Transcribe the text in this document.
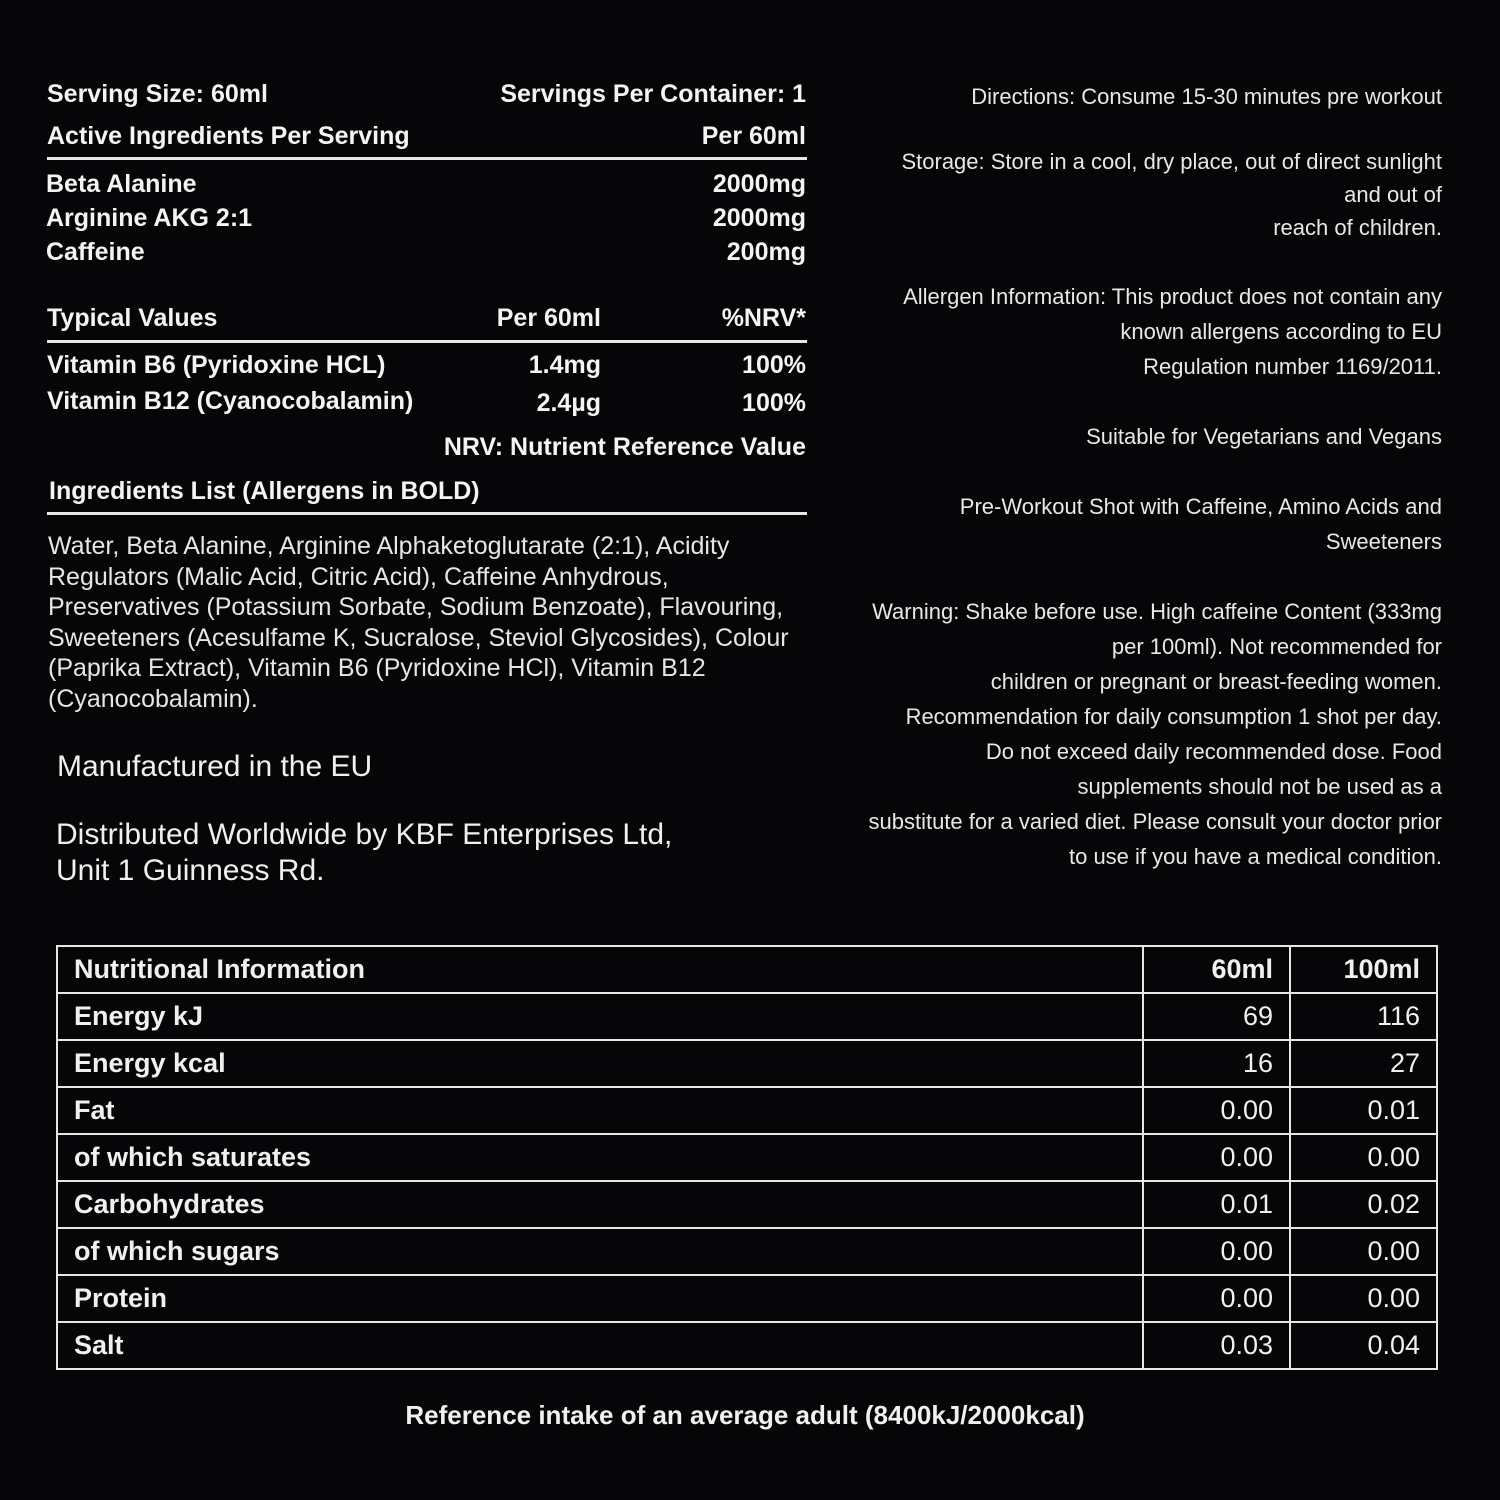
Serving Size: 60ml	Servings Per Container: 1
Active Ingredients Per Serving	Per 60ml
Beta Alanine	2000mg
Arginine AKG 2:1	2000mg
Caffeine	200mg
Typical Values	Per 60ml	%NRV*
Vitamin B6 (Pyridoxine HCL)	1.4mg	100%
Vitamin B12 (Cyanocobalamin)	2.4µg	100%
NRV: Nutrient Reference Value
Ingredients List (Allergens in BOLD)
Water, Beta Alanine, Arginine Alphaketoglutarate (2:1), Acidity
Regulators (Malic Acid, Citric Acid), Caffeine Anhydrous,
Preservatives (Potassium Sorbate, Sodium Benzoate), Flavouring,
Sweeteners (Acesulfame K, Sucralose, Steviol Glycosides), Colour
(Paprika Extract), Vitamin B6 (Pyridoxine HCl), Vitamin B12
(Cyanocobalamin).
Manufactured in the EU
Distributed Worldwide by KBF Enterprises Ltd,
Unit 1 Guinness Rd.
Directions: Consume 15-30 minutes pre workout
Storage: Store in a cool, dry place, out of direct sunlight
and out of
reach of children.
Allergen Information: This product does not contain any
known allergens according to EU
Regulation number 1169/2011.
Suitable for Vegetarians and Vegans
Pre-Workout Shot with Caffeine, Amino Acids and
Sweeteners
Warning: Shake before use. High caffeine Content (333mg
per 100ml). Not recommended for
children or pregnant or breast-feeding women.
Recommendation for daily consumption 1 shot per day.
Do not exceed daily recommended dose. Food
supplements should not be used as a
substitute for a varied diet. Please consult your doctor prior
to use if you have a medical condition.
Nutritional Information	60ml	100ml
Energy kJ	69	116
Energy kcal	16	27
Fat	0.00	0.01
of which saturates	0.00	0.00
Carbohydrates	0.01	0.02
of which sugars	0.00	0.00
Protein	0.00	0.00
Salt	0.03	0.04
Reference intake of an average adult (8400kJ/2000kcal)
